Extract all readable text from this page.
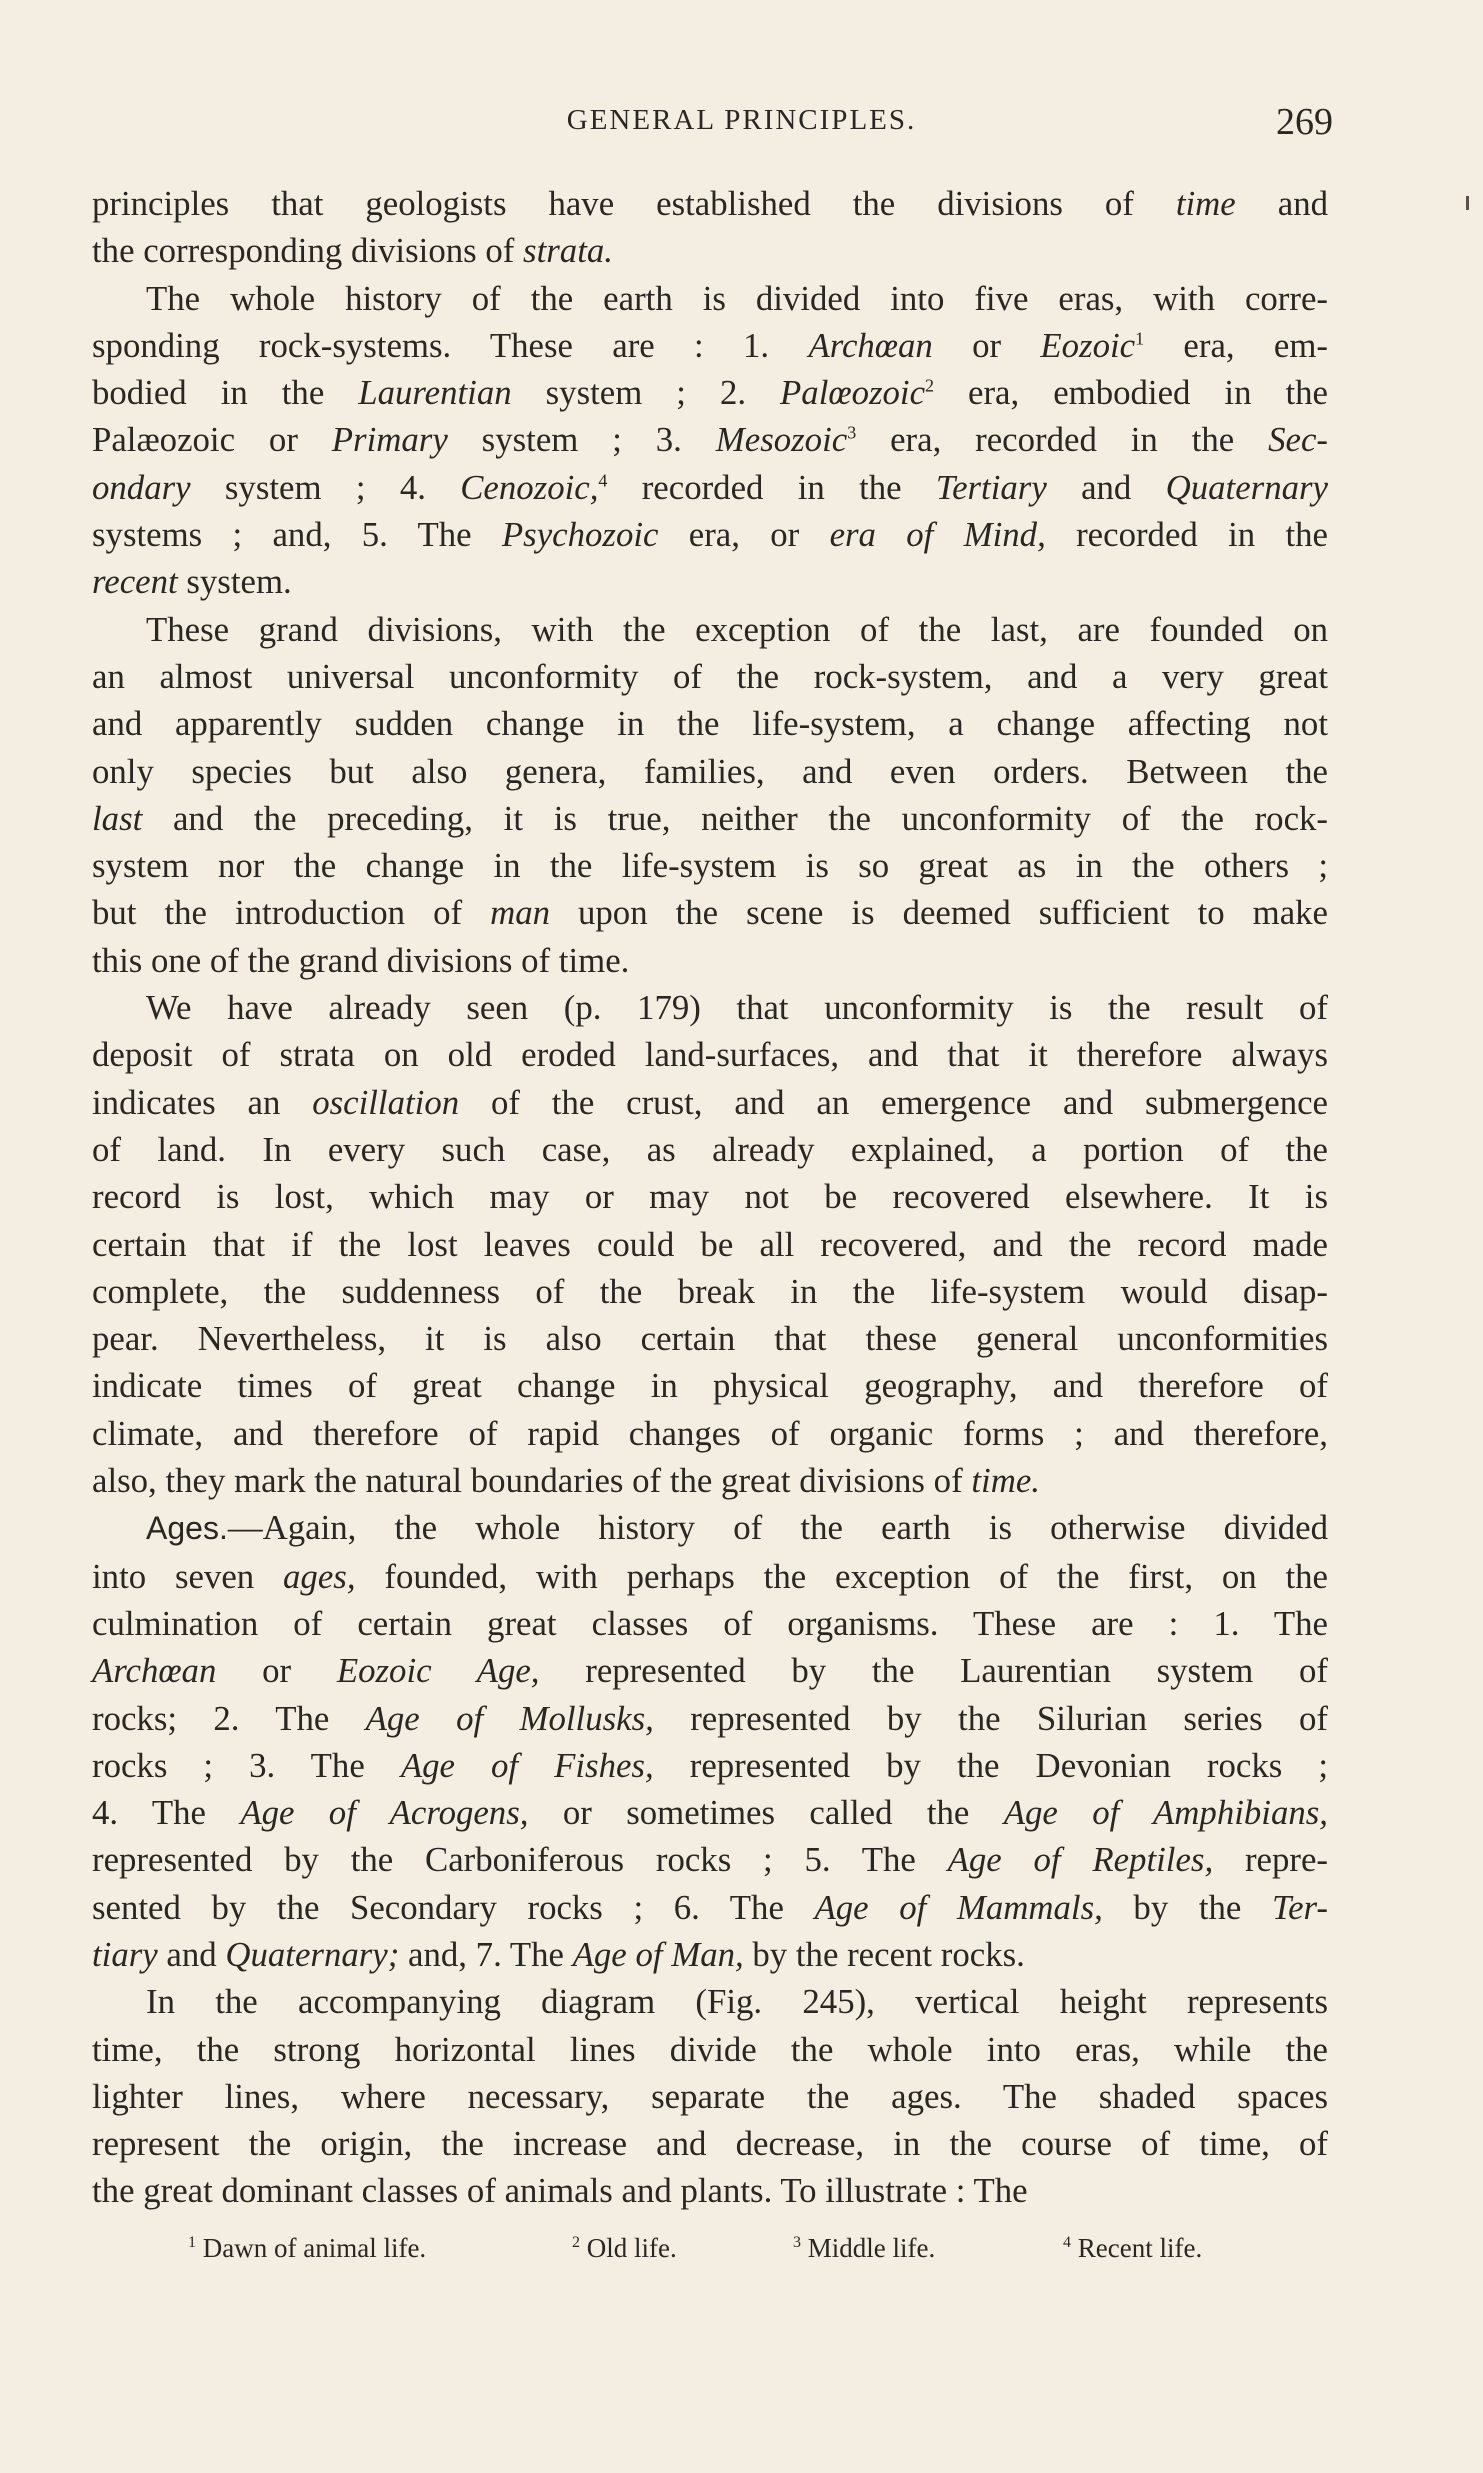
GENERAL PRINCIPLES.	269

principles that geologists have established the divisions of time and

the corresponding divisions of strata.

The whole history of the earth is divided into five eras, with corre-

sponding rock-systems. These are : 1. Archœan or Eozoic$^1$ era, em-

bodied in the Laurentian system ; 2. Palœozoic$^2$ era, embodied in the

Palæozoic or Primary system ; 3. Mesozoic$^3$ era, recorded in the Sec-

ondary system ; 4. Cenozoic,$^4$ recorded in the Tertiary and Quaternary

systems ; and, 5. The Psychozoic era, or era of Mind, recorded in the

recent system.

These grand divisions, with the exception of the last, are founded on

an almost universal unconformity of the rock-system, and a very great

and apparently sudden change in the life-system, a change affecting not

only species but also genera, families, and even orders. Between the

last and the preceding, it is true, neither the unconformity of the rock-

system nor the change in the life-system is so great as in the others ;

but the introduction of man upon the scene is deemed sufficient to make

this one of the grand divisions of time.

We have already seen (p. 179) that unconformity is the result of

deposit of strata on old eroded land-surfaces, and that it therefore always

indicates an oscillation of the crust, and an emergence and submergence

of land. In every such case, as already explained, a portion of the

record is lost, which may or may not be recovered elsewhere. It is

certain that if the lost leaves could be all recovered, and the record made

complete, the suddenness of the break in the life-system would disap-

pear. Nevertheless, it is also certain that these general unconformities

indicate times of great change in physical geography, and therefore of

climate, and therefore of rapid changes of organic forms ; and therefore,

also, they mark the natural boundaries of the great divisions of time.

Ages.—Again, the whole history of the earth is otherwise divided

into seven ages, founded, with perhaps the exception of the first, on the

culmination of certain great classes of organisms. These are : 1. The

Archœan or Eozoic Age, represented by the Laurentian system of

rocks; 2. The Age of Mollusks, represented by the Silurian series of

rocks ; 3. The Age of Fishes, represented by the Devonian rocks ;

4. The Age of Acrogens, or sometimes called the Age of Amphibians,

represented by the Carboniferous rocks ; 5. The Age of Reptiles, repre-

sented by the Secondary rocks ; 6. The Age of Mammals, by the Ter-

tiary and Quaternary; and, 7. The Age of Man, by the recent rocks.

In the accompanying diagram (Fig. 245), vertical height represents

time, the strong horizontal lines divide the whole into eras, while the

lighter lines, where necessary, separate the ages. The shaded spaces

represent the origin, the increase and decrease, in the course of time, of

the great dominant classes of animals and plants. To illustrate : The

$^1$ Dawn of animal life.	$^2$ Old life.	$^3$ Middle life.	$^4$ Recent life.
